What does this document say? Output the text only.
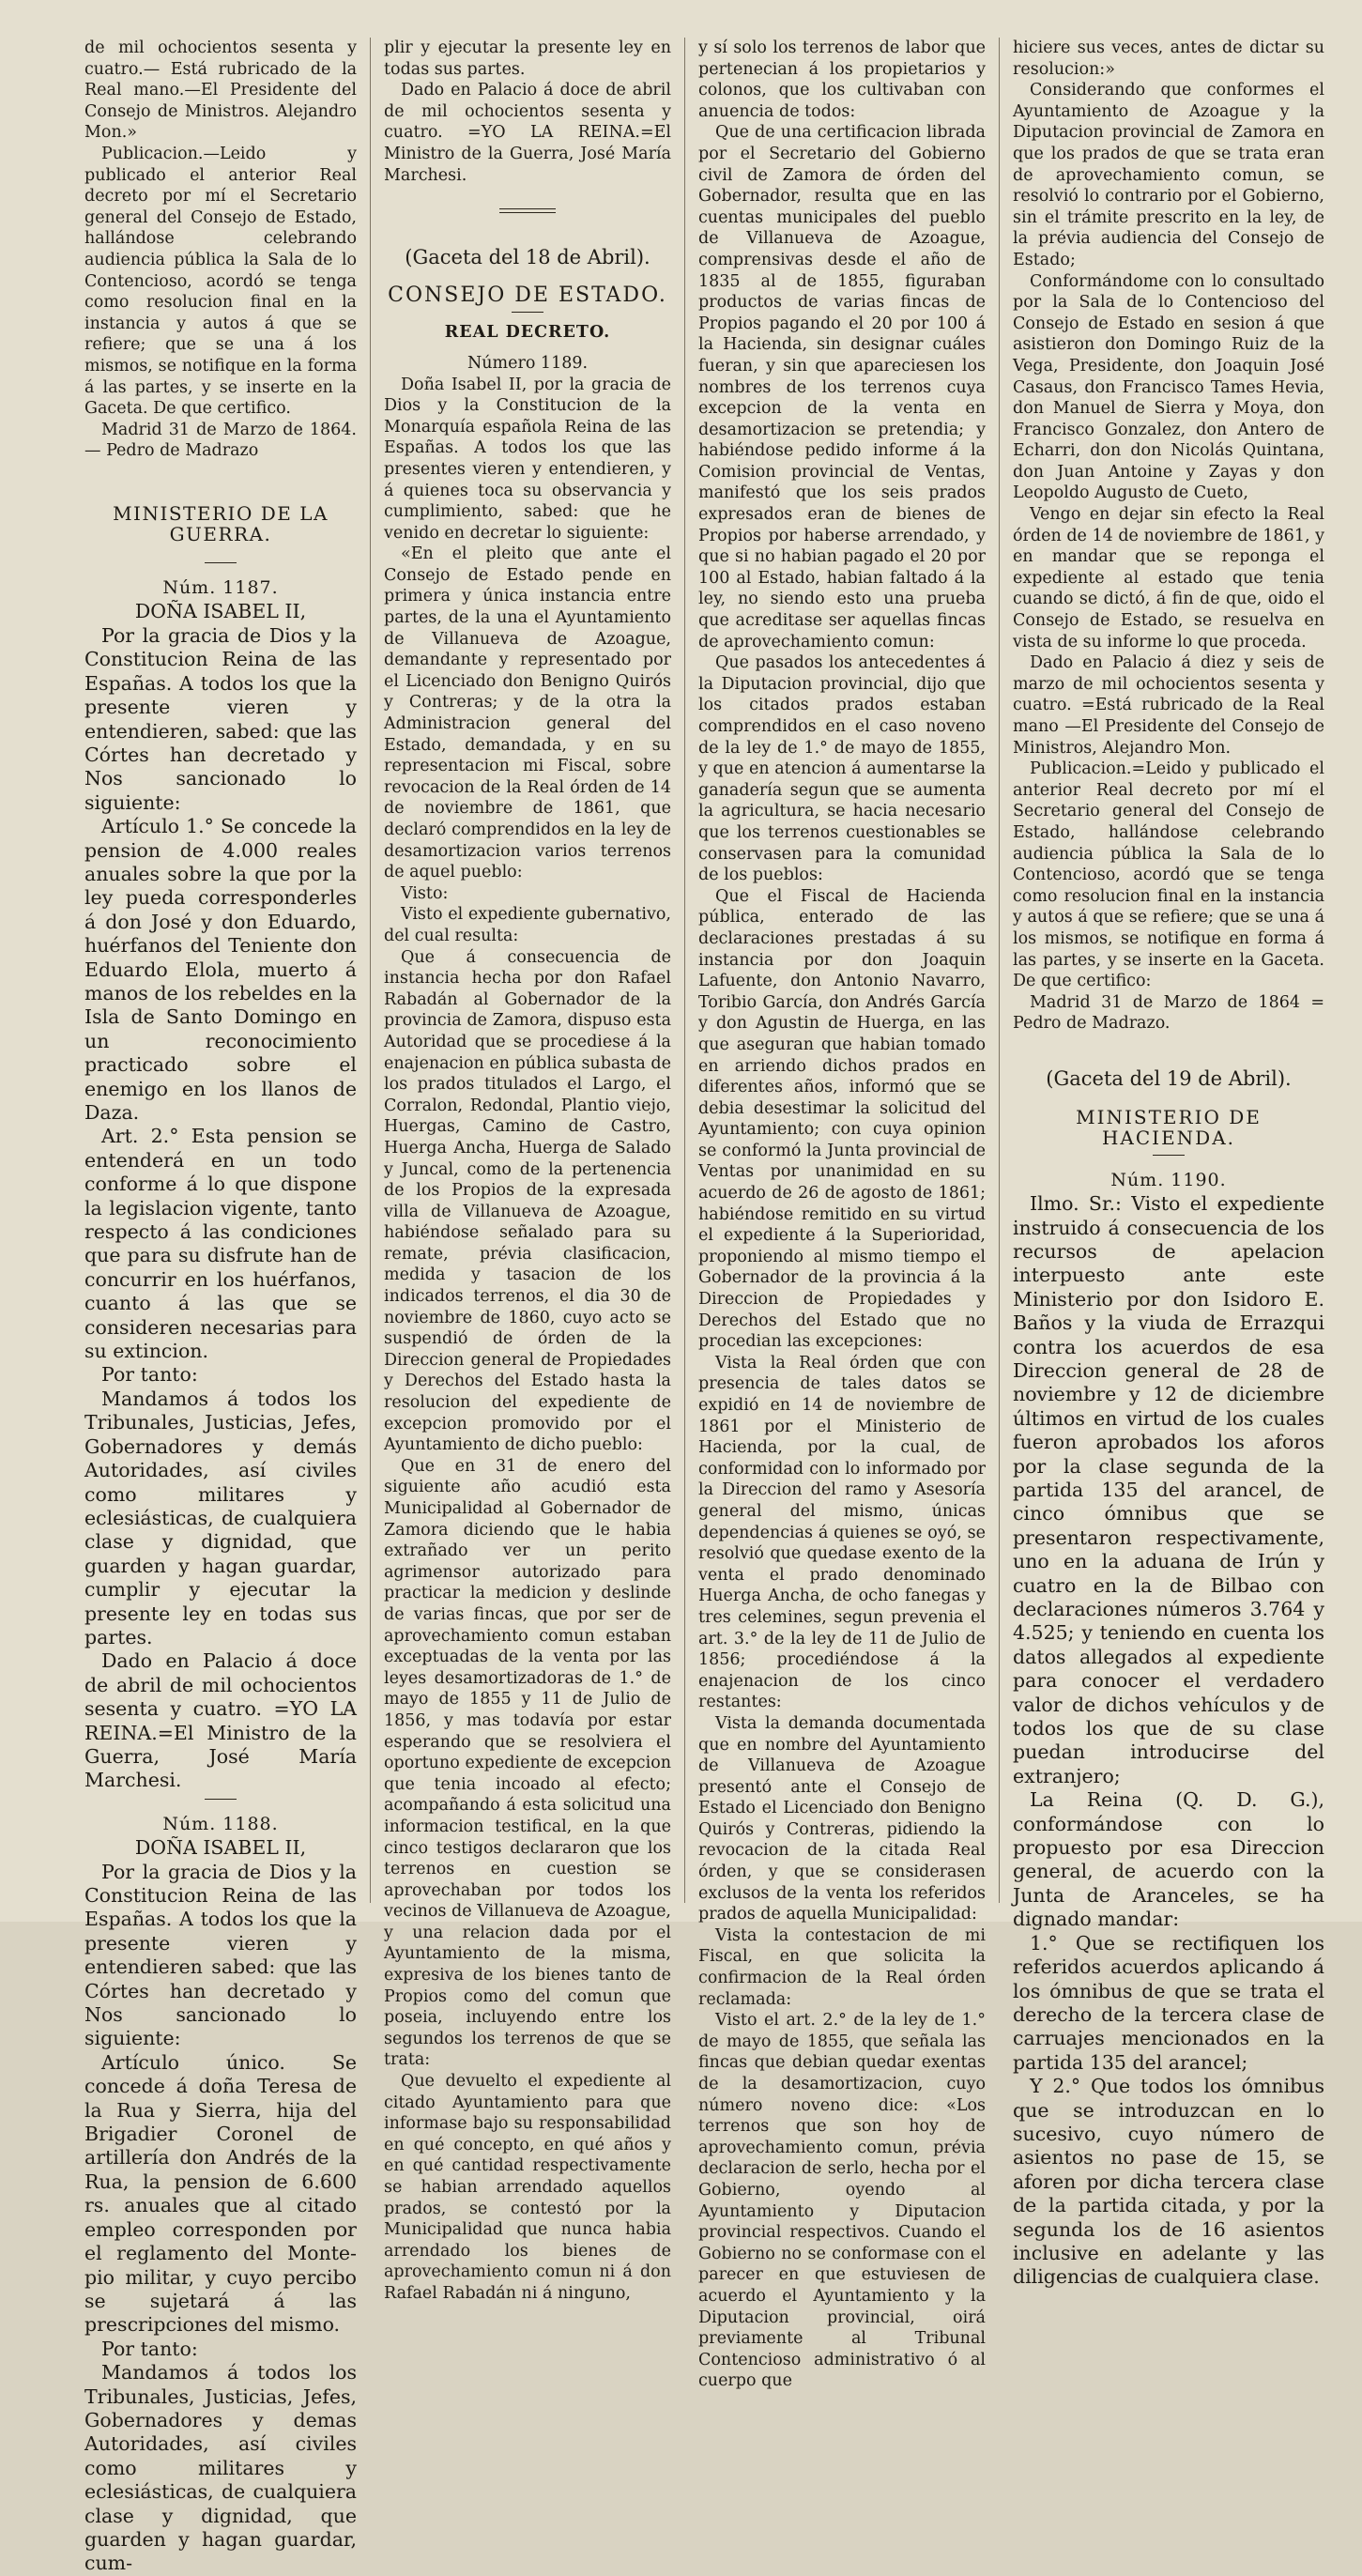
de mil ochocientos sesenta y cuatro.— Está rubricado de la Real mano.—El Presidente del Consejo de Ministros. Alejandro Mon.»

Publicacion.—Leido y publicado el anterior Real decreto por mí el Secretario general del Consejo de Estado, hallándose celebrando audiencia pública la Sala de lo Contencioso, acordó se tenga como resolucion final en la instancia y autos á que se refiere; que se una á los mismos, se notifique en la forma á las partes, y se inserte en la Gaceta. De que certifico.

Madrid 31 de Marzo de 1864.— Pedro de Madrazo

MINISTERIO DE LA GUERRA.
Núm. 1187.
DOÑA ISABEL II,

Por la gracia de Dios y la Constitucion Reina de las Españas. A todos los que la presente vieren y entendieren, sabed: que las Córtes han decretado y Nos sancionado lo siguiente:

Artículo 1.° Se concede la pension de 4.000 reales anuales sobre la que por la ley pueda corresponderles á don José y don Eduardo, huérfanos del Teniente don Eduardo Elola, muerto á manos de los rebeldes en la Isla de Santo Domingo en un reconocimiento practicado sobre el enemigo en los llanos de Daza.

Art. 2.° Esta pension se entenderá en un todo conforme á lo que dispone la legislacion vigente, tanto respecto á las condiciones que para su disfrute han de concurrir en los huérfanos, cuanto á las que se consideren necesarias para su extincion.

Por tanto:

Mandamos á todos los Tribunales, Justicias, Jefes, Gobernadores y demás Autoridades, así civiles como militares y eclesiásticas, de cualquiera clase y dignidad, que guarden y hagan guardar, cumplir y ejecutar la presente ley en todas sus partes.

Dado en Palacio á doce de abril de mil ochocientos sesenta y cuatro. =YO LA REINA.=El Ministro de la Guerra, José María Marchesi.

Núm. 1188.
DOÑA ISABEL II,

Por la gracia de Dios y la Constitucion Reina de las Españas. A todos los que la presente vieren y entendieren sabed: que las Córtes han decretado y Nos sancionado lo siguiente:

Artículo único. Se concede á doña Teresa de la Rua y Sierra, hija del Brigadier Coronel de artillería don Andrés de la Rua, la pension de 6.600 rs. anuales que al citado empleo corresponden por el reglamento del Monte-pio militar, y cuyo percibo se sujetará á las prescripciones del mismo.

Por tanto:

Mandamos á todos los Tribunales, Justicias, Jefes, Gobernadores y demas Autoridades, así civiles como militares y eclesiásticas, de cualquiera clase y dignidad, que guarden y hagan guardar, cum-

plir y ejecutar la presente ley en todas sus partes.

Dado en Palacio á doce de abril de mil ochocientos sesenta y cuatro. =YO LA REINA.=El Ministro de la Guerra, José María Marchesi.

(Gaceta del 18 de Abril).
CONSEJO DE ESTADO.
REAL DECRETO.
Número 1189.

Doña Isabel II, por la gracia de Dios y la Constitucion de la Monarquía española Reina de las Españas. A todos los que las presentes vieren y entendieren, y á quienes toca su observancia y cumplimiento, sabed: que he venido en decretar lo siguiente:

«En el pleito que ante el Consejo de Estado pende en primera y única instancia entre partes, de la una el Ayuntamiento de Villanueva de Azoague, demandante y representado por el Licenciado don Benigno Quirós y Contreras; y de la otra la Administracion general del Estado, demandada, y en su representacion mi Fiscal, sobre revocacion de la Real órden de 14 de noviembre de 1861, que declaró comprendidos en la ley de desamortizacion varios terrenos de aquel pueblo:

Visto:

Visto el expediente gubernativo, del cual resulta:

Que á consecuencia de instancia hecha por don Rafael Rabadán al Gobernador de la provincia de Zamora, dispuso esta Autoridad que se procediese á la enajenacion en pública subasta de los prados titulados el Largo, el Corralon, Redondal, Plantio viejo, Huergas, Camino de Castro, Huerga Ancha, Huerga de Salado y Juncal, como de la pertenencia de los Propios de la expresada villa de Villanueva de Azoague, habiéndose señalado para su remate, prévia clasificacion, medida y tasacion de los indicados terrenos, el dia 30 de noviembre de 1860, cuyo acto se suspendió de órden de la Direccion general de Propiedades y Derechos del Estado hasta la resolucion del expediente de excepcion promovido por el Ayuntamiento de dicho pueblo:

Que en 31 de enero del siguiente año acudió esta Municipalidad al Gobernador de Zamora diciendo que le habia extrañado ver un perito agrimensor autorizado para practicar la medicion y deslinde de varias fincas, que por ser de aprovechamiento comun estaban exceptuadas de la venta por las leyes desamortizadoras de 1.° de mayo de 1855 y 11 de Julio de 1856, y mas todavía por estar esperando que se resolviera el oportuno expediente de excepcion que tenia incoado al efecto; acompañando á esta solicitud una informacion testifical, en la que cinco testigos declararon que los terrenos en cuestion se aprovechaban por todos los vecinos de Villanueva de Azoague, y una relacion dada por el Ayuntamiento de la misma, expresiva de los bienes tanto de Propios como del comun que poseia, incluyendo entre los segundos los terrenos de que se trata:

Que devuelto el expediente al citado Ayuntamiento para que informase bajo su responsabilidad en qué concepto, en qué años y en qué cantidad respectivamente se habian arrendado aquellos prados, se contestó por la Municipalidad que nunca habia arrendado los bienes de aprovechamiento comun ni á don Rafael Rabadán ni á ninguno,

y sí solo los terrenos de labor que pertenecian á los propietarios y colonos, que los cultivaban con anuencia de todos:

Que de una certificacion librada por el Secretario del Gobierno civil de Zamora de órden del Gobernador, resulta que en las cuentas municipales del pueblo de Villanueva de Azoague, comprensivas desde el año de 1835 al de 1855, figuraban productos de varias fincas de Propios pagando el 20 por 100 á la Hacienda, sin designar cuáles fueran, y sin que apareciesen los nombres de los terrenos cuya excepcion de la venta en desamortizacion se pretendia; y habiéndose pedido informe á la Comision provincial de Ventas, manifestó que los seis prados expresados eran de bienes de Propios por haberse arrendado, y que si no habian pagado el 20 por 100 al Estado, habian faltado á la ley, no siendo esto una prueba que acreditase ser aquellas fincas de aprovechamiento comun:

Que pasados los antecedentes á la Diputacion provincial, dijo que los citados prados estaban comprendidos en el caso noveno de la ley de 1.° de mayo de 1855, y que en atencion á aumentarse la ganadería segun que se aumenta la agricultura, se hacia necesario que los terrenos cuestionables se conservasen para la comunidad de los pueblos:

Que el Fiscal de Hacienda pública, enterado de las declaraciones prestadas á su instancia por don Joaquin Lafuente, don Antonio Navarro, Toribio García, don Andrés García y don Agustin de Huerga, en las que aseguran que habian tomado en arriendo dichos prados en diferentes años, informó que se debia desestimar la solicitud del Ayuntamiento; con cuya opinion se conformó la Junta provincial de Ventas por unanimidad en su acuerdo de 26 de agosto de 1861; habiéndose remitido en su virtud el expediente á la Superioridad, proponiendo al mismo tiempo el Gobernador de la provincia á la Direccion de Propiedades y Derechos del Estado que no procedian las excepciones:

Vista la Real órden que con presencia de tales datos se expidió en 14 de noviembre de 1861 por el Ministerio de Hacienda, por la cual, de conformidad con lo informado por la Direccion del ramo y Asesoría general del mismo, únicas dependencias á quienes se oyó, se resolvió que quedase exento de la venta el prado denominado Huerga Ancha, de ocho fanegas y tres celemines, segun prevenia el art. 3.° de la ley de 11 de Julio de 1856; procediéndose á la enajenacion de los cinco restantes:

Vista la demanda documentada que en nombre del Ayuntamiento de Villanueva de Azoague presentó ante el Consejo de Estado el Licenciado don Benigno Quirós y Contreras, pidiendo la revocacion de la citada Real órden, y que se considerasen exclusos de la venta los referidos prados de aquella Municipalidad:

Vista la contestacion de mi Fiscal, en que solicita la confirmacion de la Real órden reclamada:

Visto el art. 2.° de la ley de 1.° de mayo de 1855, que señala las fincas que debian quedar exentas de la desamortizacion, cuyo número noveno dice: «Los terrenos que son hoy de aprovechamiento comun, prévia declaracion de serlo, hecha por el Gobierno, oyendo al Ayuntamiento y Diputacion provincial respectivos. Cuando el Gobierno no se conformase con el parecer en que estuviesen de acuerdo el Ayuntamiento y la Diputacion provincial, oirá previamente al Tribunal Contencioso administrativo ó al cuerpo que

hiciere sus veces, antes de dictar su resolucion:»

Considerando que conformes el Ayuntamiento de Azoague y la Diputacion provincial de Zamora en que los prados de que se trata eran de aprovechamiento comun, se resolvió lo contrario por el Gobierno, sin el trámite prescrito en la ley, de la prévia audiencia del Consejo de Estado;

Conformándome con lo consultado por la Sala de lo Contencioso del Consejo de Estado en sesion á que asistieron don Domingo Ruiz de la Vega, Presidente, don Joaquin José Casaus, don Francisco Tames Hevia, don Manuel de Sierra y Moya, don Francisco Gonzalez, don Antero de Echarri, don don Nicolás Quintana, don Juan Antoine y Zayas y don Leopoldo Augusto de Cueto,

Vengo en dejar sin efecto la Real órden de 14 de noviembre de 1861, y en mandar que se reponga el expediente al estado que tenia cuando se dictó, á fin de que, oido el Consejo de Estado, se resuelva en vista de su informe lo que proceda.

Dado en Palacio á diez y seis de marzo de mil ochocientos sesenta y cuatro. =Está rubricado de la Real mano —El Presidente del Consejo de Ministros, Alejandro Mon.

Publicacion.=Leido y publicado el anterior Real decreto por mí el Secretario general del Consejo de Estado, hallándose celebrando audiencia pública la Sala de lo Contencioso, acordó que se tenga como resolucion final en la instancia y autos á que se refiere; que se una á los mismos, se notifique en forma á las partes, y se inserte en la Gaceta. De que certifico:

Madrid 31 de Marzo de 1864 = Pedro de Madrazo.

(Gaceta del 19 de Abril).
MINISTERIO DE HACIENDA.
Núm. 1190.

Ilmo. Sr.: Visto el expediente instruido á consecuencia de los recursos de apelacion interpuesto ante este Ministerio por don Isidoro E. Baños y la viuda de Errazqui contra los acuerdos de esa Direccion general de 28 de noviembre y 12 de diciembre últimos en virtud de los cuales fueron aprobados los aforos por la clase segunda de la partida 135 del arancel, de cinco ómnibus que se presentaron respectivamente, uno en la aduana de Irún y cuatro en la de Bilbao con declaraciones números 3.764 y 4.525; y teniendo en cuenta los datos allegados al expediente para conocer el verdadero valor de dichos vehículos y de todos los que de su clase puedan introducirse del extranjero;

La Reina (Q. D. G.), conformándose con lo propuesto por esa Direccion general, de acuerdo con la Junta de Aranceles, se ha dignado mandar:

1.° Que se rectifiquen los referidos acuerdos aplicando á los ómnibus de que se trata el derecho de la tercera clase de carruajes mencionados en la partida 135 del arancel;

Y 2.° Que todos los ómnibus que se introduzcan en lo sucesivo, cuyo número de asientos no pase de 15, se aforen por dicha tercera clase de la partida citada, y por la segunda los de 16 asientos inclusive en adelante y las diligencias de cualquiera clase.
